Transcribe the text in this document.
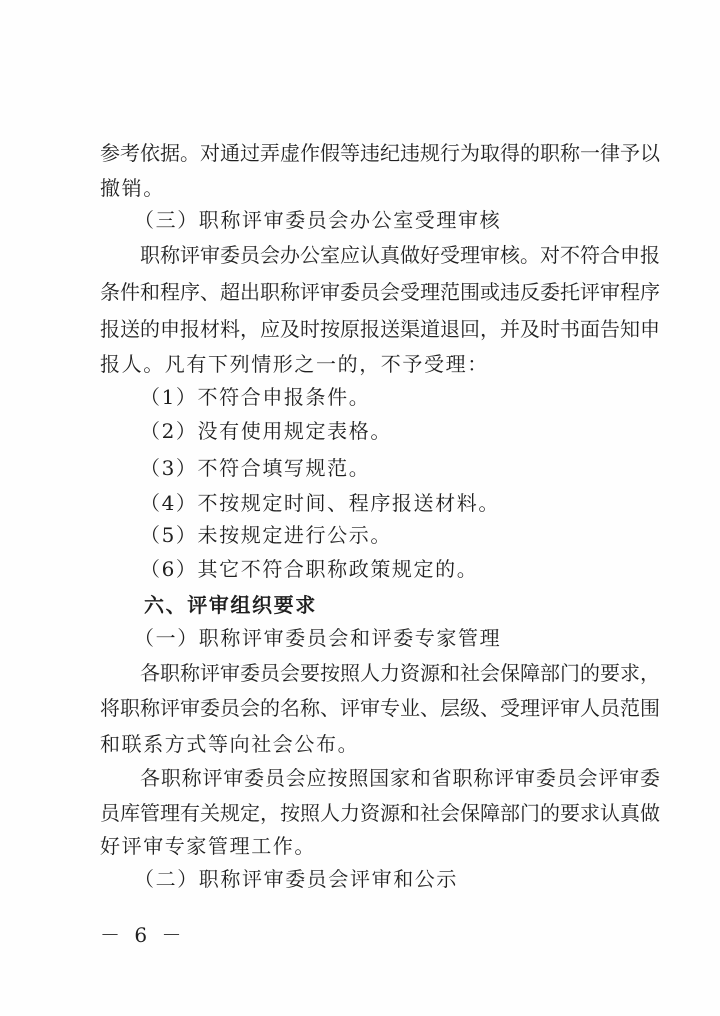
参考依据。对通过弄虚作假等违纪违规行为取得的职称一律予以
撤销。
（三）职称评审委员会办公室受理审核
职称评审委员会办公室应认真做好受理审核。对不符合申报
条件和程序、超出职称评审委员会受理范围或违反委托评审程序
报送的申报材料，应及时按原报送渠道退回，并及时书面告知申
报人。凡有下列情形之一的，不予受理：
（1）不符合申报条件。
（2）没有使用规定表格。
（3）不符合填写规范。
（4）不按规定时间、程序报送材料。
（5）未按规定进行公示。
（6）其它不符合职称政策规定的。
六、评审组织要求
（一）职称评审委员会和评委专家管理
各职称评审委员会要按照人力资源和社会保障部门的要求，
将职称评审委员会的名称、评审专业、层级、受理评审人员范围
和联系方式等向社会公布。
各职称评审委员会应按照国家和省职称评审委员会评审委
员库管理有关规定，按照人力资源和社会保障部门的要求认真做
好评审专家管理工作。
（二）职称评审委员会评审和公示
－ 6 －
